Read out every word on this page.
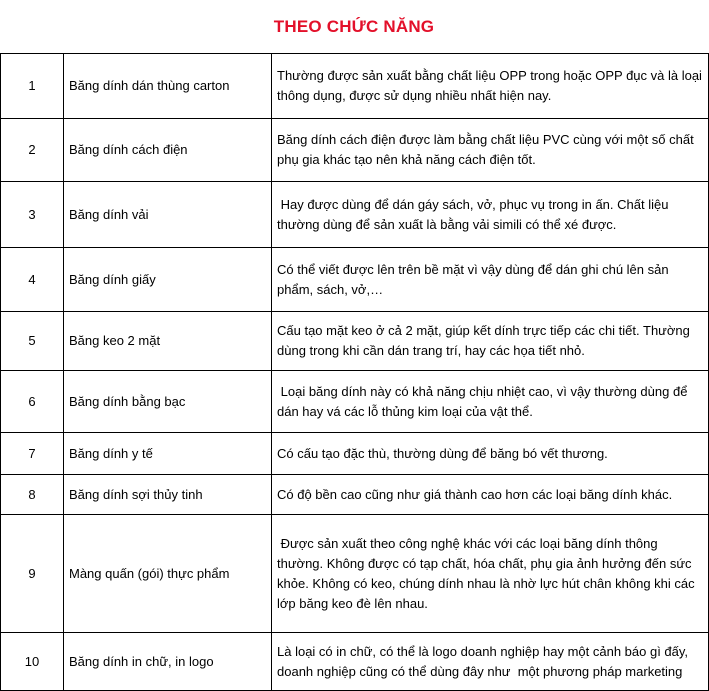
THEO CHỨC NĂNG
1	Băng dính dán thùng carton	Thường được sản xuất bằng chất liệu OPP trong hoặc OPP đục và là loại thông dụng, được sử dụng nhiều nhất hiện nay.
2	Băng dính cách điện	Băng dính cách điện được làm bằng chất liệu PVC cùng với một số chất phụ gia khác tạo nên khả năng cách điện tốt.
3	Băng dính vải	Hay được dùng để dán gáy sách, vở, phục vụ trong in ấn. Chất liệu thường dùng để sản xuất là bằng vải simili có thể xé được.
4	Băng dính giấy	Có thể viết được lên trên bề mặt vì vậy dùng để dán ghi chú lên sản phẩm, sách, vở,…
5	Băng keo 2 mặt	Cấu tạo mặt keo ở cả 2 mặt, giúp kết dính trực tiếp các chi tiết. Thường dùng trong khi cần dán trang trí, hay các họa tiết nhỏ.
6	Băng dính bằng bạc	Loại băng dính này có khả năng chịu nhiệt cao, vì vậy thường dùng để dán hay vá các lỗ thủng kim loại của vật thể.
7	Băng dính y tế	Có cấu tạo đặc thù, thường dùng để băng bó vết thương.
8	Băng dính sợi thủy tinh	Có độ bền cao cũng như giá thành cao hơn các loại băng dính khác.
9	Màng quấn (gói) thực phẩm	Được sản xuất theo công nghệ khác với các loại băng dính thông thường. Không được có tạp chất, hóa chất, phụ gia ảnh hưởng đến sức khỏe. Không có keo, chúng dính nhau là nhờ lực hút chân không khi các lớp băng keo đè lên nhau.
10	Băng dính in chữ, in logo	Là loại có in chữ, có thể là logo doanh nghiệp hay một cảnh báo gì đấy, doanh nghiệp cũng có thể dùng đây như  một phương pháp marketing
